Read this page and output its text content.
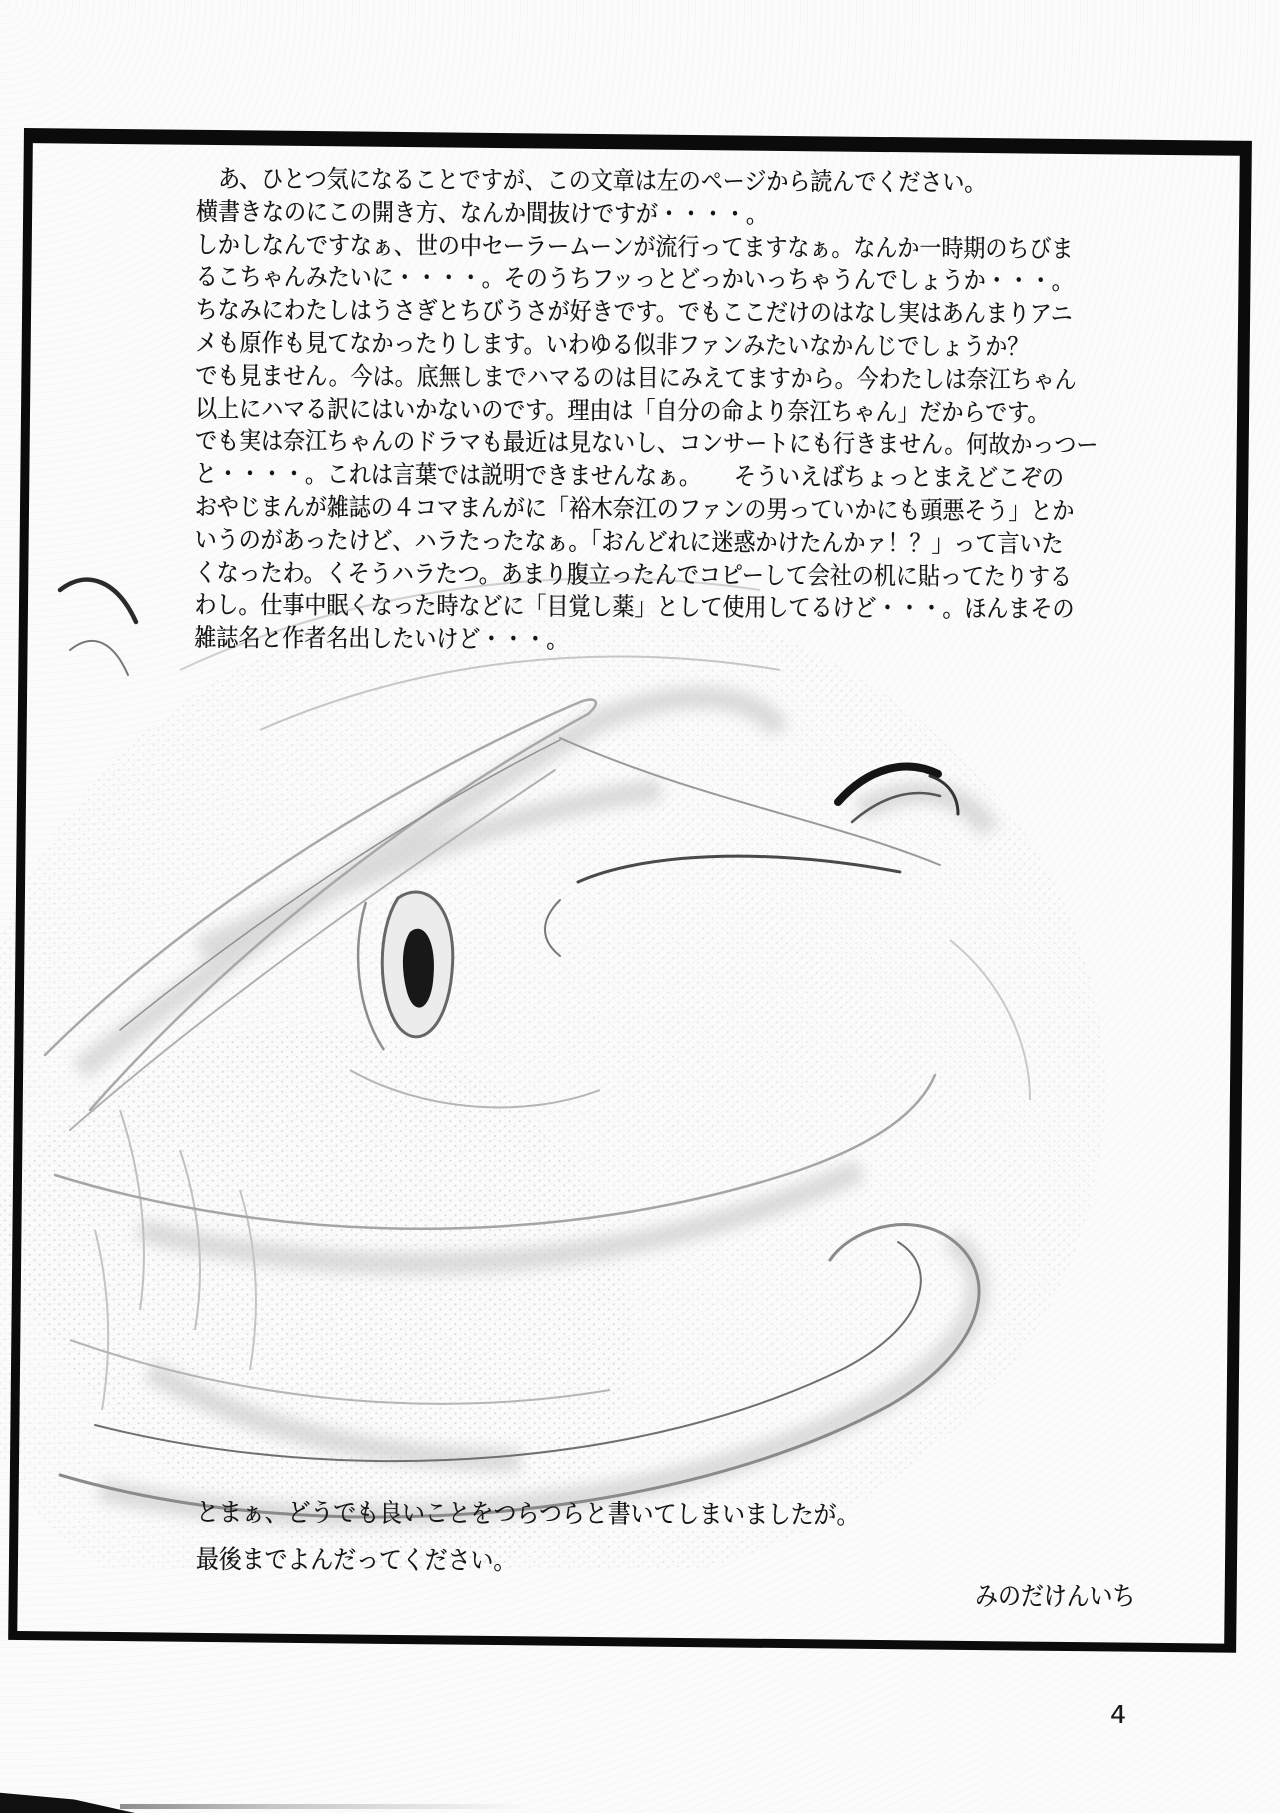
　あ、ひとつ気になることですが、この文章は左のページから読んでください。

横書きなのにこの開き方、なんか間抜けですが・・・・。

しかしなんですなぁ、世の中セーラームーンが流行ってますなぁ。なんか一時期のちびま

るこちゃんみたいに・・・・。そのうちフッっとどっかいっちゃうんでしょうか・・・。

ちなみにわたしはうさぎとちびうさが好きです。でもここだけのはなし実はあんまりアニ

メも原作も見てなかったりします。いわゆる似非ファンみたいなかんじでしょうか？

でも見ません。今は。底無しまでハマるのは目にみえてますから。今わたしは奈江ちゃん

以上にハマる訳にはいかないのです。理由は「自分の命より奈江ちゃん」だからです。

でも実は奈江ちゃんのドラマも最近は見ないし、コンサートにも行きません。何故かっつー

と・・・・。これは言葉では説明できませんなぁ。　　そういえばちょっとまえどこぞの

おやじまんが雑誌の４コマまんがに「裕木奈江のファンの男っていかにも頭悪そう」とか

いうのがあったけど、ハラたったなぁ。「おんどれに迷惑かけたんかァ！？」って言いた

くなったわ。くそうハラたつ。あまり腹立ったんでコピーして会社の机に貼ってたりする

わし。仕事中眠くなった時などに「目覚し薬」として使用してるけど・・・。ほんまその

雑誌名と作者名出したいけど・・・。

とまぁ、どうでも良いことをつらつらと書いてしまいましたが。

最後までよんだってください。

みのだけんいち
4
